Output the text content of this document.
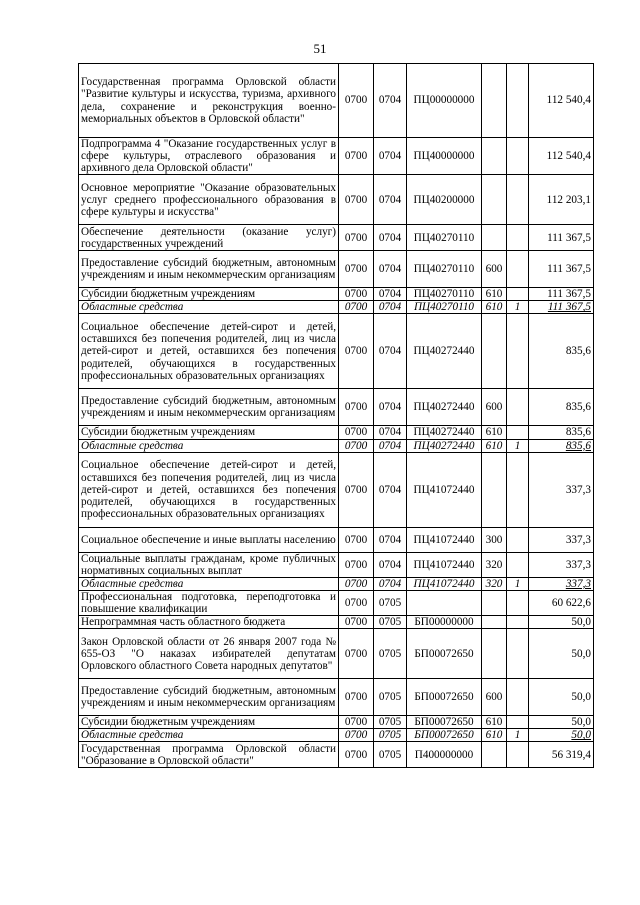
51
Государственная программа Орловской области "Развитие культуры и искусства, туризма, архивного дела, сохранение и реконструкция военно-мемориальных объектов в Орловской области"	0700	0704	ПЦ00000000			112 540,4
Подпрограмма 4 "Оказание государственных услуг в сфере культуры, отраслевого образования и архивного дела Орловской области"	0700	0704	ПЦ40000000			112 540,4
Основное мероприятие "Оказание образовательных услуг среднего профессионального образования в сфере культуры и искусства"	0700	0704	ПЦ40200000			112 203,1
Обеспечение деятельности (оказание услуг) государственных учреждений	0700	0704	ПЦ40270110			111 367,5
Предоставление субсидий бюджетным, автономным учреждениям и иным некоммерческим организациям	0700	0704	ПЦ40270110	600		111 367,5
Субсидии бюджетным учреждениям	0700	0704	ПЦ40270110	610		111 367,5
Областные средства	0700	0704	ПЦ40270110	610	1	111 367,5
Социальное обеспечение детей-сирот и детей, оставшихся без попечения родителей, лиц из числа детей-сирот и детей, оставшихся без попечения родителей, обучающихся в государственных профессиональных образовательных организациях	0700	0704	ПЦ40272440			835,6
Предоставление субсидий бюджетным, автономным учреждениям и иным некоммерческим организациям	0700	0704	ПЦ40272440	600		835,6
Субсидии бюджетным учреждениям	0700	0704	ПЦ40272440	610		835,6
Областные средства	0700	0704	ПЦ40272440	610	1	835,6
Социальное обеспечение детей-сирот и детей, оставшихся без попечения родителей, лиц из числа детей-сирот и детей, оставшихся без попечения родителей, обучающихся в государственных профессиональных образовательных организациях	0700	0704	ПЦ41072440			337,3
Социальное обеспечение и иные выплаты населению	0700	0704	ПЦ41072440	300		337,3
Социальные выплаты гражданам, кроме публичных нормативных социальных выплат	0700	0704	ПЦ41072440	320		337,3
Областные средства	0700	0704	ПЦ41072440	320	1	337,3
Профессиональная подготовка, переподготовка и повышение квалификации	0700	0705				60 622,6
Непрограммная часть областного бюджета	0700	0705	БП00000000			50,0
Закон Орловской области от 26 января 2007 года № 655-ОЗ "О наказах избирателей депутатам Орловского областного Совета народных депутатов"	0700	0705	БП00072650			50,0
Предоставление субсидий бюджетным, автономным учреждениям и иным некоммерческим организациям	0700	0705	БП00072650	600		50,0
Субсидии бюджетным учреждениям	0700	0705	БП00072650	610		50,0
Областные средства	0700	0705	БП00072650	610	1	50,0
Государственная программа Орловской области "Образование в Орловской области"	0700	0705	П400000000			56 319,4
